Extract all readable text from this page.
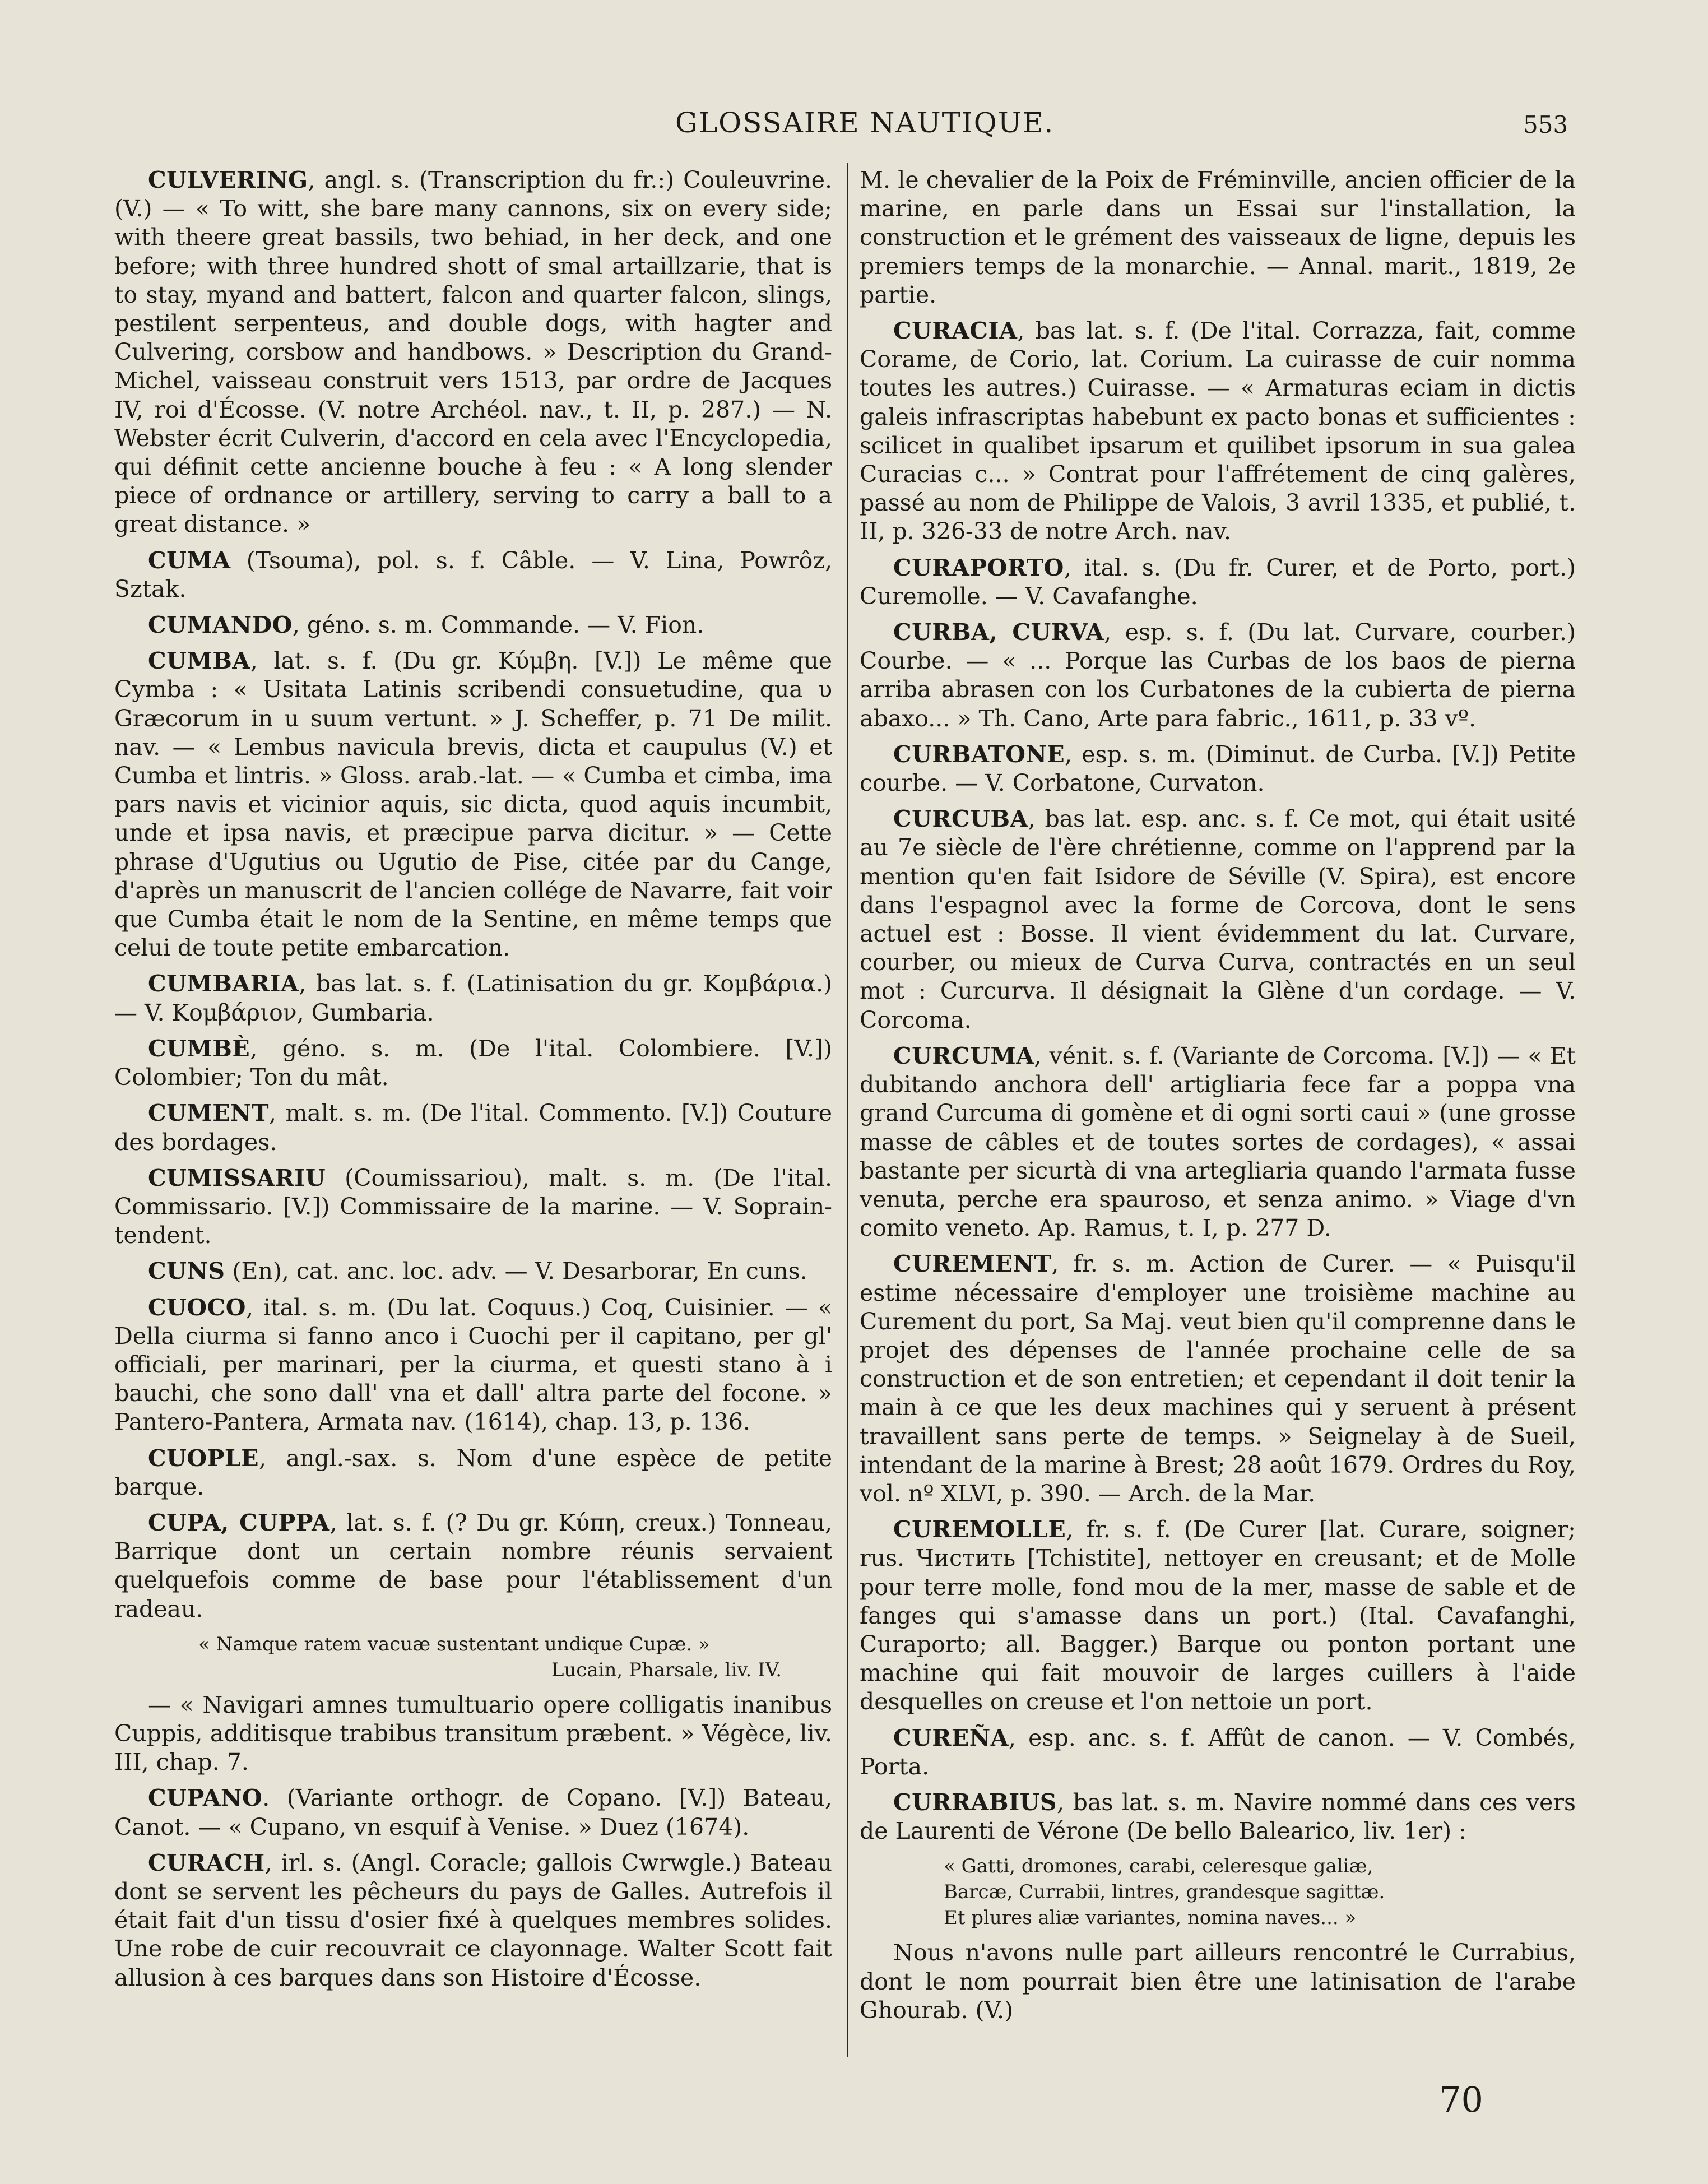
GLOSSAIRE NAUTIQUE.	553

CULVERING, angl. s. (Transcription du fr.:) Couleuvrine. (V.) — « To witt, she bare many cannons, six on every side; with theere great bassils, two behiad, in her deck, and one before; with three hundred shott of smal artaillzarie, that is to stay, myand and battert, falcon and quarter falcon, slings, pestilent serpenteus, and double dogs, with hagter and Culvering, corsbow and handbows. » Description du Grand-Michel, vaisseau construit vers 1513, par ordre de Jacques IV, roi d'Écosse. (V. notre Archéol. nav., t. II, p. 287.) — N. Webster écrit Culverin, d'accord en cela avec l'Encyclopedia, qui définit cette ancienne bouche à feu : « A long slender piece of ordnance or artillery, serving to carry a ball to a great distance. »

CUMA (Tsouma), pol. s. f. Câble. — V. Lina, Powrôz, Sztak.

CUMANDO, géno. s. m. Commande. — V. Fion.

CUMBA, lat. s. f. (Du gr. Κύμβη. [V.]) Le même que Cymba : « Usitata Latinis scribendi consuetudine, qua υ Græcorum in u suum vertunt. » J. Scheffer, p. 71 De milit. nav. — « Lembus navicula brevis, dicta et caupulus (V.) et Cumba et lintris. » Gloss. arab.-lat. — « Cumba et cimba, ima pars navis et vicinior aquis, sic dicta, quod aquis incumbit, unde et ipsa navis, et præcipue parva dicitur. » — Cette phrase d'Ugutius ou Ugutio de Pise, citée par du Cange, d'après un manuscrit de l'ancien collége de Navarre, fait voir que Cumba était le nom de la Sentine, en même temps que celui de toute petite embarcation.

CUMBARIA, bas lat. s. f. (Latinisation du gr. Κομβάρια.) — V. Κομβάριον, Gumbaria.

CUMBÈ, géno. s. m. (De l'ital. Colombiere. [V.]) Colombier; Ton du mât.

CUMENT, malt. s. m. (De l'ital. Commento. [V.]) Couture des bordages.

CUMISSARIU (Coumissariou), malt. s. m. (De l'ital. Commissario. [V.]) Commissaire de la marine. — V. Soprain-tendent.

CUNS (En), cat. anc. loc. adv. — V. Desarborar, En cuns.

CUOCO, ital. s. m. (Du lat. Coquus.) Coq, Cuisinier. — « Della ciurma si fanno anco i Cuochi per il capitano, per gl' officiali, per marinari, per la ciurma, et questi stano à i bauchi, che sono dall' vna et dall' altra parte del focone. » Pantero-Pantera, Armata nav. (1614), chap. 13, p. 136.

CUOPLE, angl.-sax. s. Nom d'une espèce de petite barque.

CUPA, CUPPA, lat. s. f. (? Du gr. Κύπη, creux.) Tonneau, Barrique dont un certain nombre réunis servaient quelquefois comme de base pour l'établissement d'un radeau.

« Namque ratem vacuæ sustentant undique Cupæ. »
Lucain, Pharsale, liv. IV.

— « Navigari amnes tumultuario opere colligatis inanibus Cuppis, additisque trabibus transitum præbent. » Végèce, liv. III, chap. 7.

CUPANO. (Variante orthogr. de Copano. [V.]) Bateau, Canot. — « Cupano, vn esquif à Venise. » Duez (1674).

CURACH, irl. s. (Angl. Coracle; gallois Cwrwgle.) Bateau dont se servent les pêcheurs du pays de Galles. Autrefois il était fait d'un tissu d'osier fixé à quelques membres solides. Une robe de cuir recouvrait ce clayonnage. Walter Scott fait allusion à ces barques dans son Histoire d'Écosse.

M. le chevalier de la Poix de Fréminville, ancien officier de la marine, en parle dans un Essai sur l'installation, la construction et le grément des vaisseaux de ligne, depuis les premiers temps de la monarchie. — Annal. marit., 1819, 2e partie.

CURACIA, bas lat. s. f. (De l'ital. Corrazza, fait, comme Corame, de Corio, lat. Corium. La cuirasse de cuir nomma toutes les autres.) Cuirasse. — « Armaturas eciam in dictis galeis infrascriptas habebunt ex pacto bonas et sufficientes : scilicet in qualibet ipsarum et quilibet ipsorum in sua galea Curacias c... » Contrat pour l'affrétement de cinq galères, passé au nom de Philippe de Valois, 3 avril 1335, et publié, t. II, p. 326-33 de notre Arch. nav.

CURAPORTO, ital. s. (Du fr. Curer, et de Porto, port.) Curemolle. — V. Cavafanghe.

CURBA, CURVA, esp. s. f. (Du lat. Curvare, courber.) Courbe. — « ... Porque las Curbas de los baos de pierna arriba abrasen con los Curbatones de la cubierta de pierna abaxo... » Th. Cano, Arte para fabric., 1611, p. 33 vº.

CURBATONE, esp. s. m. (Diminut. de Curba. [V.]) Petite courbe. — V. Corbatone, Curvaton.

CURCUBA, bas lat. esp. anc. s. f. Ce mot, qui était usité au 7e siècle de l'ère chrétienne, comme on l'apprend par la mention qu'en fait Isidore de Séville (V. Spira), est encore dans l'espagnol avec la forme de Corcova, dont le sens actuel est : Bosse. Il vient évidemment du lat. Curvare, courber, ou mieux de Curva Curva, contractés en un seul mot : Curcurva. Il désignait la Glène d'un cordage. — V. Corcoma.

CURCUMA, vénit. s. f. (Variante de Corcoma. [V.]) — « Et dubitando anchora dell' artigliaria fece far a poppa vna grand Curcuma di gomène et di ogni sorti caui » (une grosse masse de câbles et de toutes sortes de cordages), « assai bastante per sicurtà di vna artegliaria quando l'armata fusse venuta, perche era spauroso, et senza animo. » Viage d'vn comito veneto. Ap. Ramus, t. I, p. 277 D.

CUREMENT, fr. s. m. Action de Curer. — « Puisqu'il estime nécessaire d'employer une troisième machine au Curement du port, Sa Maj. veut bien qu'il comprenne dans le projet des dépenses de l'année prochaine celle de sa construction et de son entretien; et cependant il doit tenir la main à ce que les deux machines qui y seruent à présent travaillent sans perte de temps. » Seignelay à de Sueil, intendant de la marine à Brest; 28 août 1679. Ordres du Roy, vol. nº XLVI, p. 390. — Arch. de la Mar.

CUREMOLLE, fr. s. f. (De Curer [lat. Curare, soigner; rus. Чистить [Tchistite], nettoyer en creusant; et de Molle pour terre molle, fond mou de la mer, masse de sable et de fanges qui s'amasse dans un port.) (Ital. Cavafanghi, Curaporto; all. Bagger.) Barque ou ponton portant une machine qui fait mouvoir de larges cuillers à l'aide desquelles on creuse et l'on nettoie un port.

CUREÑA, esp. anc. s. f. Affût de canon. — V. Combés, Porta.

CURRABIUS, bas lat. s. m. Navire nommé dans ces vers de Laurenti de Vérone (De bello Balearico, liv. 1er) :

« Gatti, dromones, carabi, celeresque galiæ,
Barcæ, Currabii, lintres, grandesque sagittæ.
Et plures aliæ variantes, nomina naves... »

Nous n'avons nulle part ailleurs rencontré le Currabius, dont le nom pourrait bien être une latinisation de l'arabe Ghourab. (V.)

70
